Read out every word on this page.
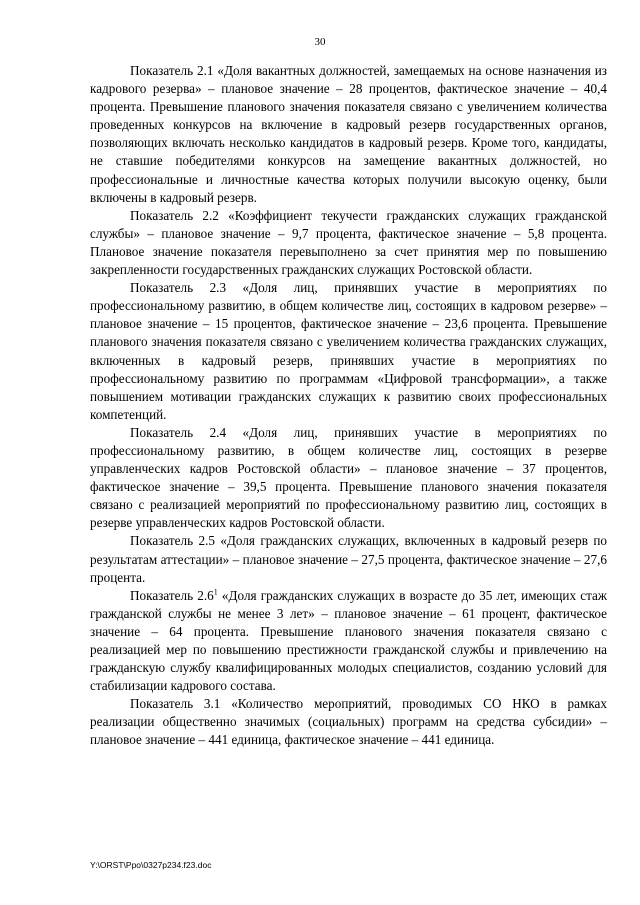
30

Показатель 2.1 «Доля вакантных должностей, замещаемых на основе назначения из кадрового резерва» – плановое значение – 28 процентов, фактическое значение – 40,4 процента. Превышение планового значения показателя связано с увеличением количества проведенных конкурсов на включение в кадровый резерв государственных органов, позволяющих включать несколько кандидатов в кадровый резерв. Кроме того, кандидаты, не ставшие победителями конкурсов на замещение вакантных должностей, но профессиональные и личностные качества которых получили высокую оценку, были включены в кадровый резерв.

Показатель 2.2 «Коэффициент текучести гражданских служащих гражданской службы» – плановое значение – 9,7 процента, фактическое значение – 5,8 процента. Плановое значение показателя перевыполнено за счет принятия мер по повышению закрепленности государственных гражданских служащих Ростовской области.

Показатель 2.3 «Доля лиц, принявших участие в мероприятиях по профессиональному развитию, в общем количестве лиц, состоящих в кадровом резерве» – плановое значение – 15 процентов, фактическое значение – 23,6 процента. Превышение планового значения показателя связано с увеличением количества гражданских служащих, включенных в кадровый резерв, принявших участие в мероприятиях по профессиональному развитию по программам «Цифровой трансформации», а также повышением мотивации гражданских служащих к развитию своих профессиональных компетенций.

Показатель 2.4 «Доля лиц, принявших участие в мероприятиях по профессиональному развитию, в общем количестве лиц, состоящих в резерве управленческих кадров Ростовской области» – плановое значение – 37 процентов, фактическое значение – 39,5 процента. Превышение планового значения показателя связано с реализацией мероприятий по профессиональному развитию лиц, состоящих в резерве управленческих кадров Ростовской области.

Показатель 2.5 «Доля гражданских служащих, включенных в кадровый резерв по результатам аттестации» – плановое значение – 27,5 процента, фактическое значение – 27,6 процента.

Показатель $2.6^1$ «Доля гражданских служащих в возрасте до 35 лет, имеющих стаж гражданской службы не менее 3 лет» – плановое значение – 61 процент, фактическое значение – 64 процента. Превышение планового значения показателя связано с реализацией мер по повышению престижности гражданской службы и привлечению на гражданскую службу квалифицированных молодых специалистов, созданию условий для стабилизации кадрового состава.

Показатель 3.1 «Количество мероприятий, проводимых СО НКО в рамках реализации общественно значимых (социальных) программ на средства субсидии» – плановое значение – 441 единица, фактическое значение – 441 единица.

Y:\ORST\Ppo\0327p234.f23.doc
